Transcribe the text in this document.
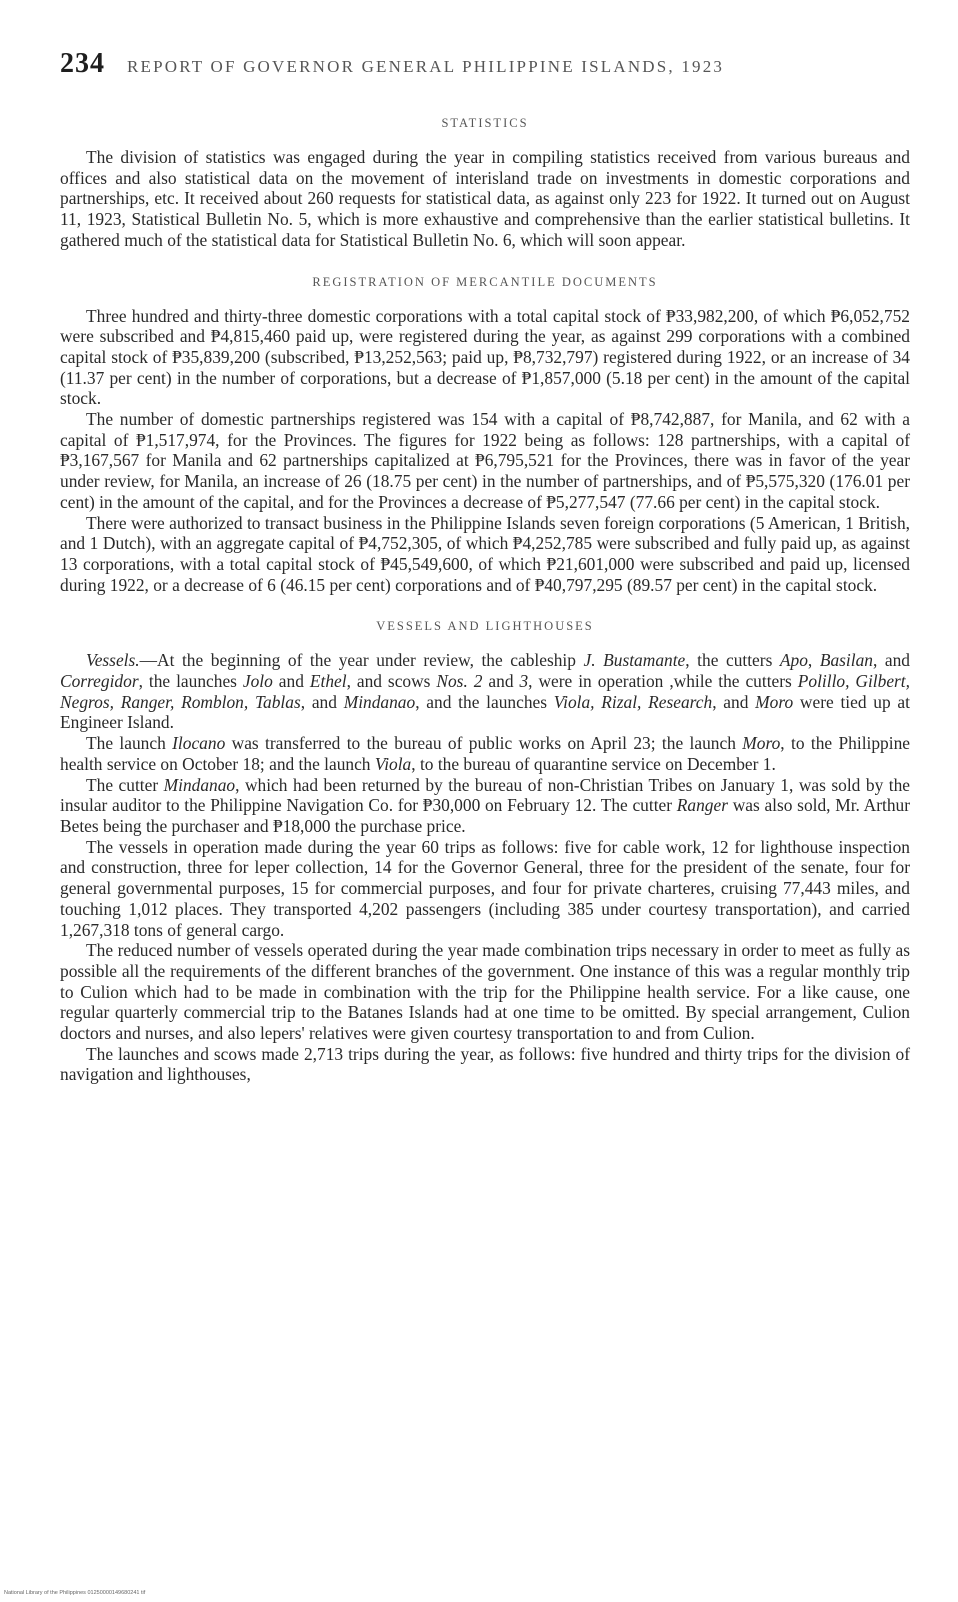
234 REPORT OF GOVERNOR GENERAL PHILIPPINE ISLANDS, 1923
STATISTICS

The division of statistics was engaged during the year in compiling statistics received from various bureaus and offices and also statistical data on the movement of interisland trade on investments in domestic corporations and partnerships, etc. It received about 260 requests for statistical data, as against only 223 for 1922. It turned out on August 11, 1923, Statistical Bulletin No. 5, which is more exhaustive and comprehensive than the earlier statistical bulletins. It gathered much of the statistical data for Statistical Bulletin No. 6, which will soon appear.

REGISTRATION OF MERCANTILE DOCUMENTS

Three hundred and thirty-three domestic corporations with a total capital stock of ₱33,982,200, of which ₱6,052,752 were subscribed and ₱4,815,460 paid up, were registered during the year, as against 299 corporations with a combined capital stock of ₱35,839,200 (subscribed, ₱13,252,563; paid up, ₱8,732,797) registered during 1922, or an increase of 34 (11.37 per cent) in the number of corporations, but a decrease of ₱1,857,000 (5.18 per cent) in the amount of the capital stock.

The number of domestic partnerships registered was 154 with a capital of ₱8,742,887, for Manila, and 62 with a capital of ₱1,517,974, for the Provinces. The figures for 1922 being as follows: 128 partnerships, with a capital of ₱3,167,567 for Manila and 62 partnerships capitalized at ₱6,795,521 for the Provinces, there was in favor of the year under review, for Manila, an increase of 26 (18.75 per cent) in the number of partnerships, and of ₱5,575,320 (176.01 per cent) in the amount of the capital, and for the Provinces a decrease of ₱5,277,547 (77.66 per cent) in the capital stock.

There were authorized to transact business in the Philippine Islands seven foreign corporations (5 American, 1 British, and 1 Dutch), with an aggregate capital of ₱4,752,305, of which ₱4,252,785 were subscribed and fully paid up, as against 13 corporations, with a total capital stock of ₱45,549,600, of which ₱21,601,000 were subscribed and paid up, licensed during 1922, or a decrease of 6 (46.15 per cent) corporations and of ₱40,797,295 (89.57 per cent) in the capital stock.

VESSELS AND LIGHTHOUSES

Vessels.—At the beginning of the year under review, the cableship J. Bustamante, the cutters Apo, Basilan, and Corregidor, the launches Jolo and Ethel, and scows Nos. 2 and 3, were in operation ,while the cutters Polillo, Gilbert, Negros, Ranger, Romblon, Tablas, and Mindanao, and the launches Viola, Rizal, Research, and Moro were tied up at Engineer Island.

The launch Ilocano was transferred to the bureau of public works on April 23; the launch Moro, to the Philippine health service on October 18; and the launch Viola, to the bureau of quarantine service on December 1.

The cutter Mindanao, which had been returned by the bureau of non-Christian Tribes on January 1, was sold by the insular auditor to the Philippine Navigation Co. for ₱30,000 on February 12. The cutter Ranger was also sold, Mr. Arthur Betes being the purchaser and ₱18,000 the purchase price.

The vessels in operation made during the year 60 trips as follows: five for cable work, 12 for lighthouse inspection and construction, three for leper collection, 14 for the Governor General, three for the president of the senate, four for general governmental purposes, 15 for commercial purposes, and four for private charteres, cruising 77,443 miles, and touching 1,012 places. They transported 4,202 passengers (including 385 under courtesy transportation), and carried 1,267,318 tons of general cargo.

The reduced number of vessels operated during the year made combination trips necessary in order to meet as fully as possible all the requirements of the different branches of the government. One instance of this was a regular monthly trip to Culion which had to be made in combination with the trip for the Philippine health service. For a like cause, one regular quarterly commercial trip to the Batanes Islands had at one time to be omitted. By special arrangement, Culion doctors and nurses, and also lepers' relatives were given courtesy transportation to and from Culion.

The launches and scows made 2,713 trips during the year, as follows: five hundred and thirty trips for the division of navigation and lighthouses,

National Library of the Philippines 01250000149680241 tif
